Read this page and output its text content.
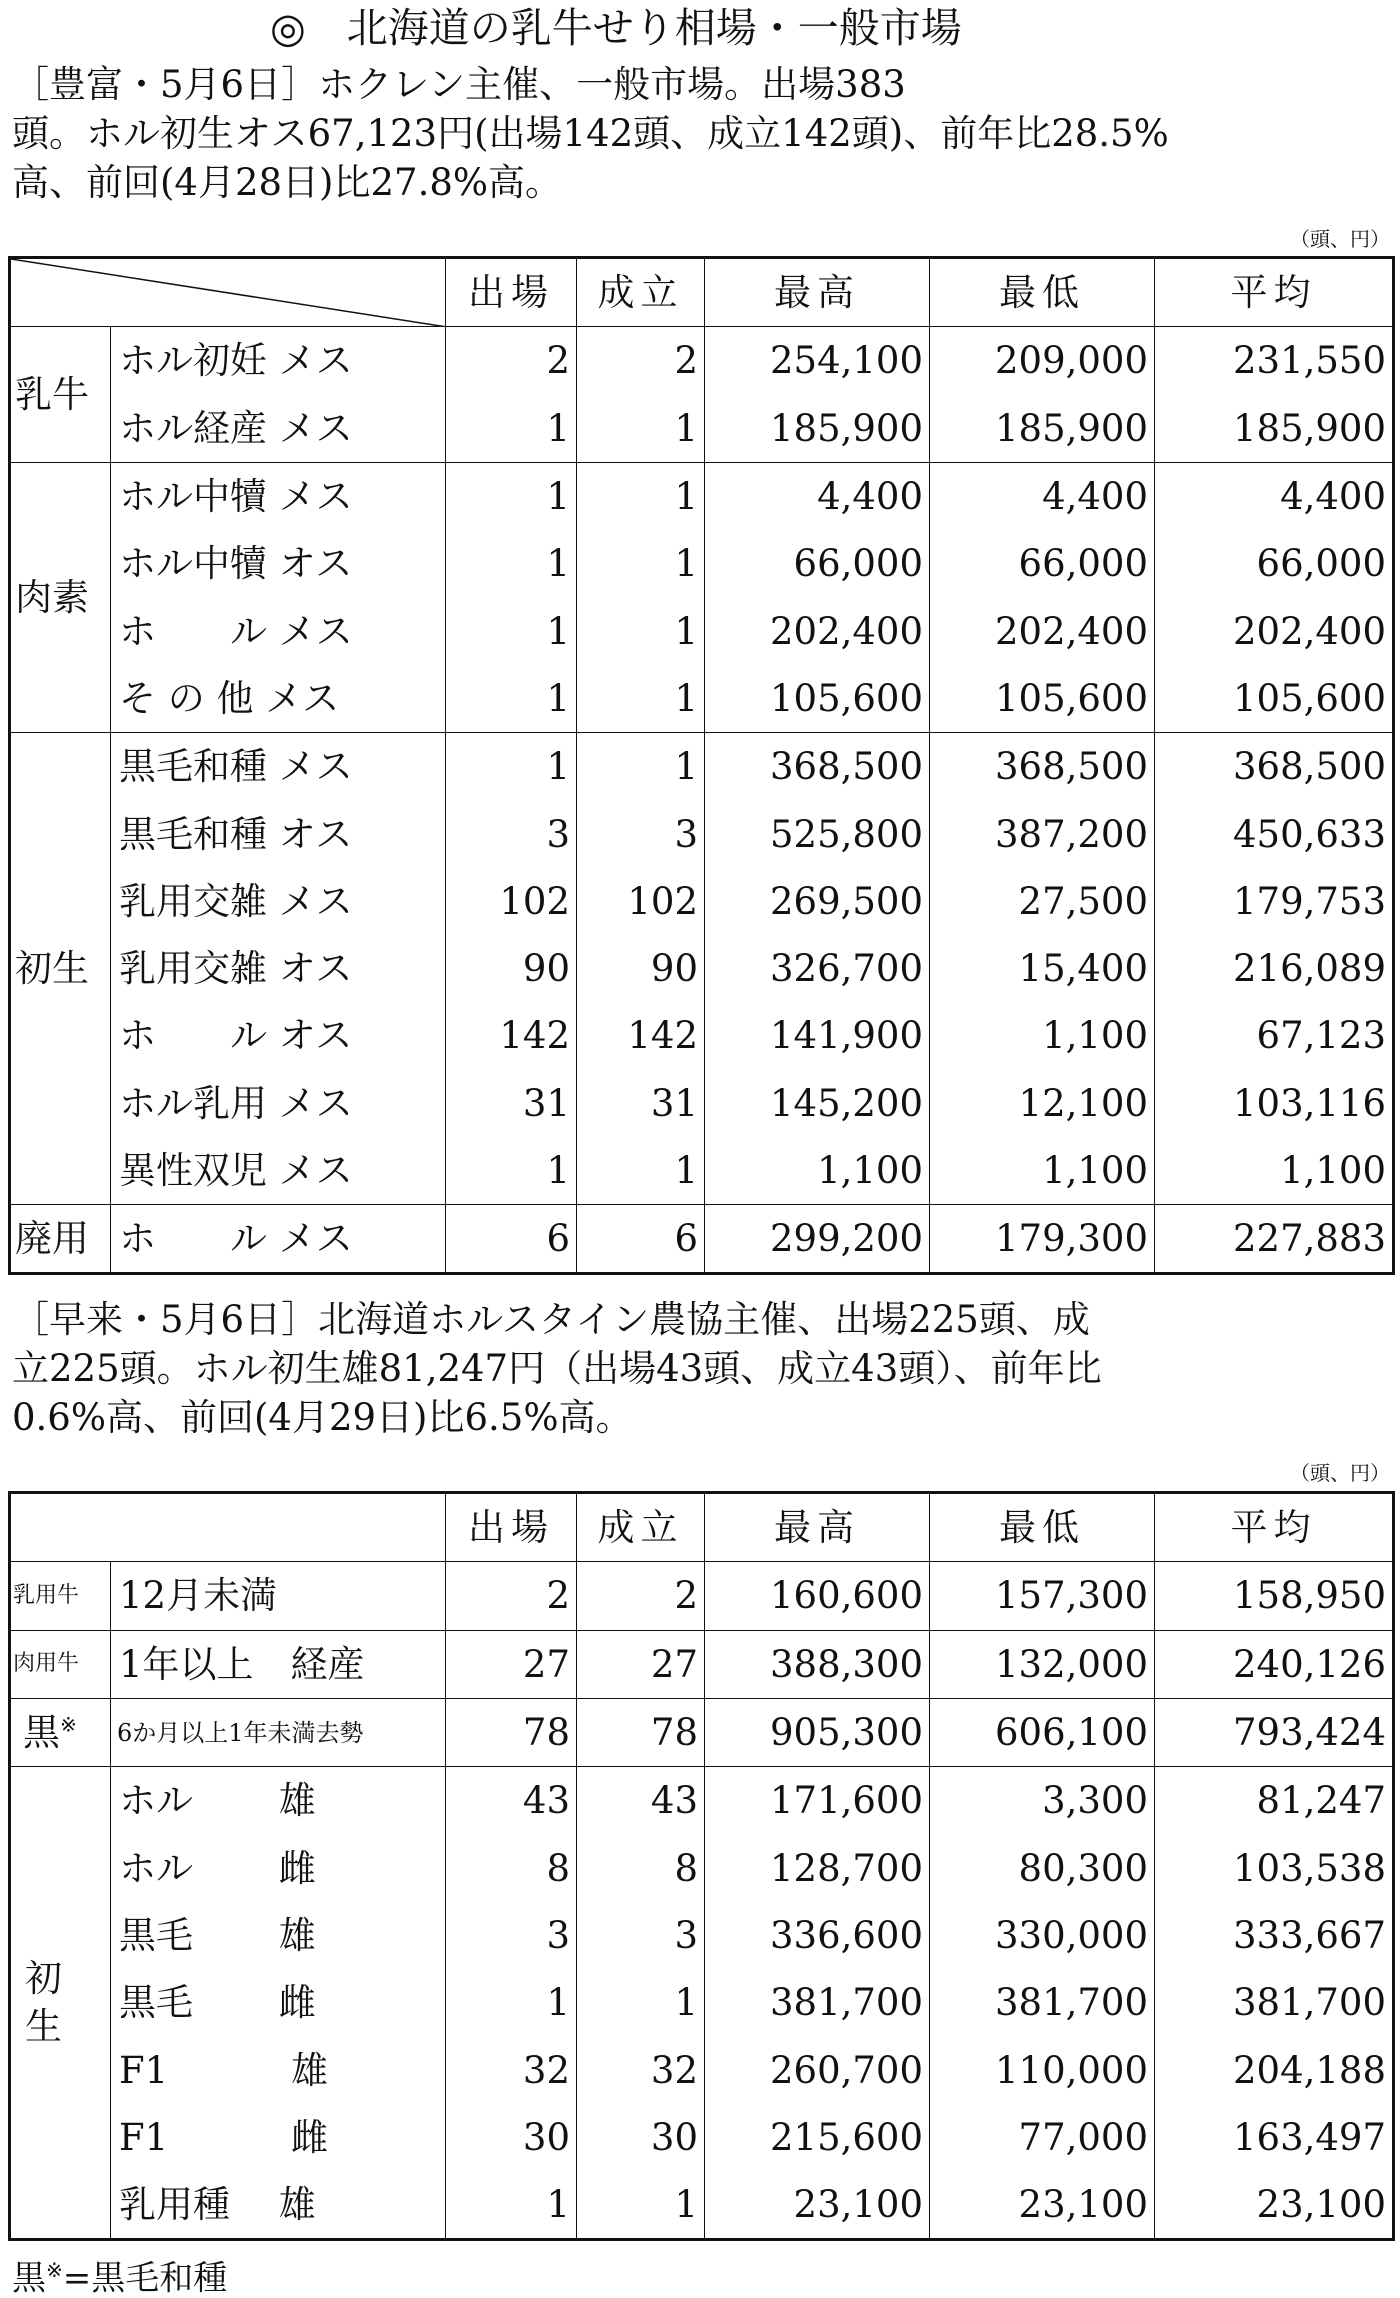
◎　北海道の乳牛せり相場・一般市場

［豊富・5月6日］ホクレン主催、一般市場。出場383
頭。ホル初生オス67,123円(出場142頭、成立142頭)、前年比28.5%
高、前回(4月28日)比27.8%高。

（頭、円）
	出場	成立	最高	最低	平均
乳牛	ホル初妊 メス	2	2	254,100	209,000	231,550
	ホル経産 メス	1	1	185,900	185,900	185,900
肉素	ホル中犢 メス	1	1	4,400	4,400	4,400
	ホル中犢 オス	1	1	66,000	66,000	66,000
	ホ　　ル メス	1	1	202,400	202,400	202,400
	そ の 他 メス	1	1	105,600	105,600	105,600
初生	黒毛和種 メス	1	1	368,500	368,500	368,500
	黒毛和種 オス	3	3	525,800	387,200	450,633
	乳用交雑 メス	102	102	269,500	27,500	179,753
	乳用交雑 オス	90	90	326,700	15,400	216,089
	ホ　　ル オス	142	142	141,900	1,100	67,123
	ホル乳用 メス	31	31	145,200	12,100	103,116
	異性双児 メス	1	1	1,100	1,100	1,100
廃用	ホ　　ル メス	6	6	299,200	179,300	227,883

［早来・5月6日］北海道ホルスタイン農協主催、出場225頭、成
立225頭。ホル初生雄81,247円（出場43頭、成立43頭）、前年比
0.6%高、前回(4月29日)比6.5%高。

（頭、円）
		出場	成立	最高	最低	平均
乳用牛	12月未満	2	2	160,600	157,300	158,950
肉用牛	1年以上　経産	27	27	388,300	132,000	240,126
黒※	6か月以上1年未満去勢	78	78	905,300	606,100	793,424

初
生	ホル　　 雄	43	43	171,600	3,300	81,247
	ホル　　 雌	8	8	128,700	80,300	103,538
	黒毛　　 雄	3	3	336,600	330,000	333,667
	黒毛　　 雌	1	1	381,700	381,700	381,700
	F1　　　 雄	32	32	260,700	110,000	204,188
	F1　　　 雌	30	30	215,600	77,000	163,497
	乳用種　 雄	1	1	23,100	23,100	23,100
黒※=黒毛和種
